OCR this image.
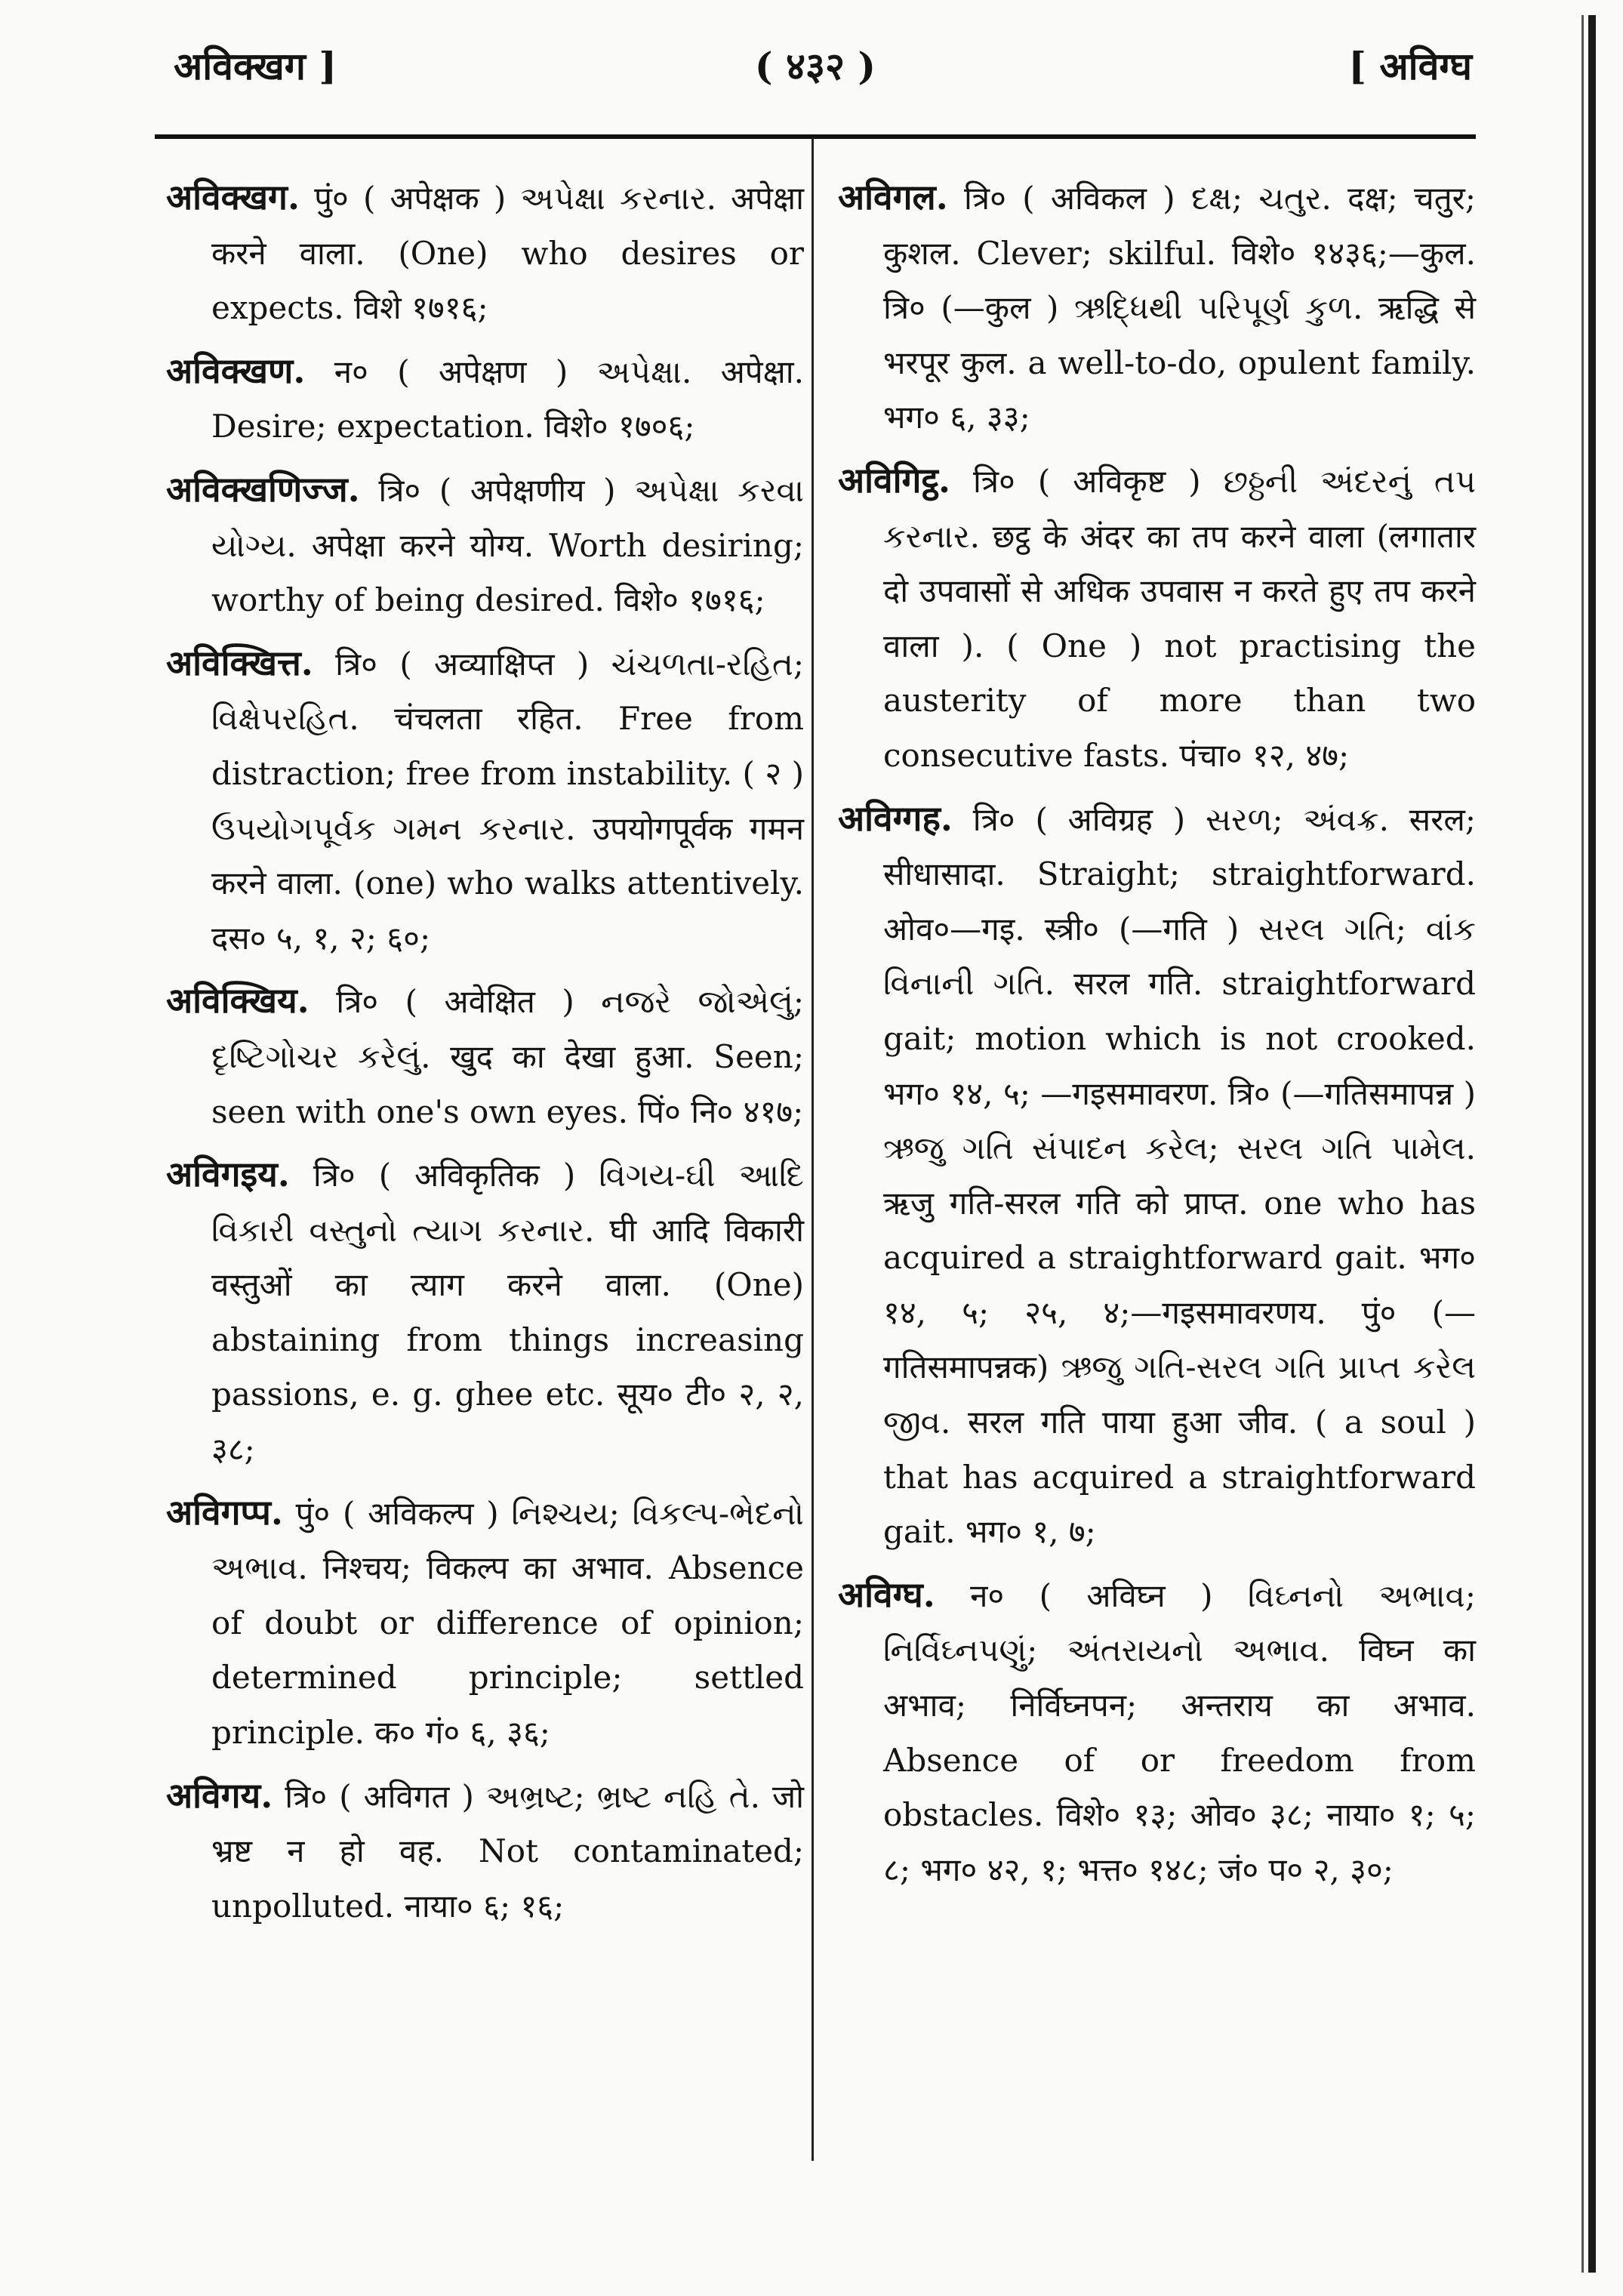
अविक्खग ]	( ४३२ )	[ अविग्घ

अविक्खग. पुं० ( अपेक्षक ) અપેક્ષા કરનાર. अपेक्षा करने वाला. (One) who desires or expects. विशे १७१६;

अविक्खण. न० ( अपेक्षण ) અપેક્ષા. अपेक्षा. Desire; expectation. विशे० १७०६;

अविक्खणिज्ज. त्रि० ( अपेक्षणीय ) અપેક્ષા કરવા યોગ્ય. अपेक्षा करने योग्य. Worth desiring; worthy of being desired. विशे० १७१६;

अविक्खित्त. त्रि० ( अव्याक्षिप्त ) ચંચળતા-રહિત; વિક્ષેપરહિત. चंचलता रहित. Free from distraction; free from instability. ( २ ) ઉપયોગપૂર્વક ગમન કરનાર. उपयोगपूर्वक गमन करने वाला. (one) who walks attentively. दस० ५, १, २; ६०;

अविक्खिय. त्रि० ( अवेक्षित ) નજરે જોએલું; દૃષ્ટિગોચર કરેલું. खुद का देखा हुआ. Seen; seen with one's own eyes. पिं० नि० ४१७;

अविगइय. त्रि० ( अविकृतिक ) વિગય-ઘી આદિ વિકારી વસ્તુનો ત્યાગ કરનાર. घी आदि विकारी वस्तुओं का त्याग करने वाला. (One) abstaining from things increasing passions, e. g. ghee etc. सूय० टी० २, २, ३८;

अविगप्प. पुं० ( अविकल्प ) નિશ્ચય; વિકલ્પ-ભેદનો અભાવ. निश्चय; विकल्प का अभाव. Absence of doubt or difference of opinion; determined principle; settled principle. क० गं० ६, ३६;

अविगय. त्रि० ( अविगत ) અભ્રષ્ટ; ભ્રષ્ટ નહિ તે. जो भ्रष्ट न हो वह. Not contaminated; unpolluted. नाया० ६; १६;

अविगल. त्रि० ( अविकल ) દક્ષ; ચતુર. दक्ष; चतुर; कुशल. Clever; skilful. विशे० १४३६;—कुल. त्रि० (—कुल ) ઋદ્ધિથી પરિપૂર્ણ કુળ. ऋद्धि से भरपूर कुल. a well-to-do, opulent family. भग० ६, ३३;

अविगिट्ठ. त्रि० ( अविकृष्ट ) છઠ્ઠની અંદરનું તપ કરનાર. छट्ठ के अंदर का तप करने वाला (लगातार दो उपवासों से अधिक उपवास न करते हुए तप करने वाला ). ( One ) not practising the austerity of more than two consecutive fasts. पंचा० १२, ४७;

अविग्गह. त्रि० ( अविग्रह ) સરળ; અંવક્ર. सरल; सीधासादा. Straight; straightforward. ओव०—गइ. स्त्री० (—गति ) સરલ ગતિ; વાંક વિનાની ગતિ. सरल गति. straightforward gait; motion which is not crooked. भग० १४, ५; —गइसमावरण. त्रि० (—गतिसमापन्न ) ઋજુ ગતિ સંપાદન કરેલ; સરલ ગતિ પામેલ. ऋजु गति-सरल गति को प्राप्त. one who has acquired a straightforward gait. भग० १४, ५; २५, ४;—गइसमावरणय. पुं० (—गतिसमापन्नक) ઋજુ ગતિ-સરલ ગતિ પ્રાપ્ત કરેલ જીવ. सरल गति पाया हुआ जीव. ( a soul ) that has acquired a straightforward gait. भग० १, ७;

अविग्घ. न० ( अविघ्न ) વિઘ્નનો અભાવ; નિર્વિઘ્નપણું; અંતરાયનો અભાવ. विघ्न का अभाव; निर्विघ्नपन; अन्तराय का अभाव. Absence of or freedom from obstacles. विशे० १३; ओव० ३८; नाया० १; ५; ८; भग० ४२, १; भत्त० १४८; जं० प० २, ३०;
